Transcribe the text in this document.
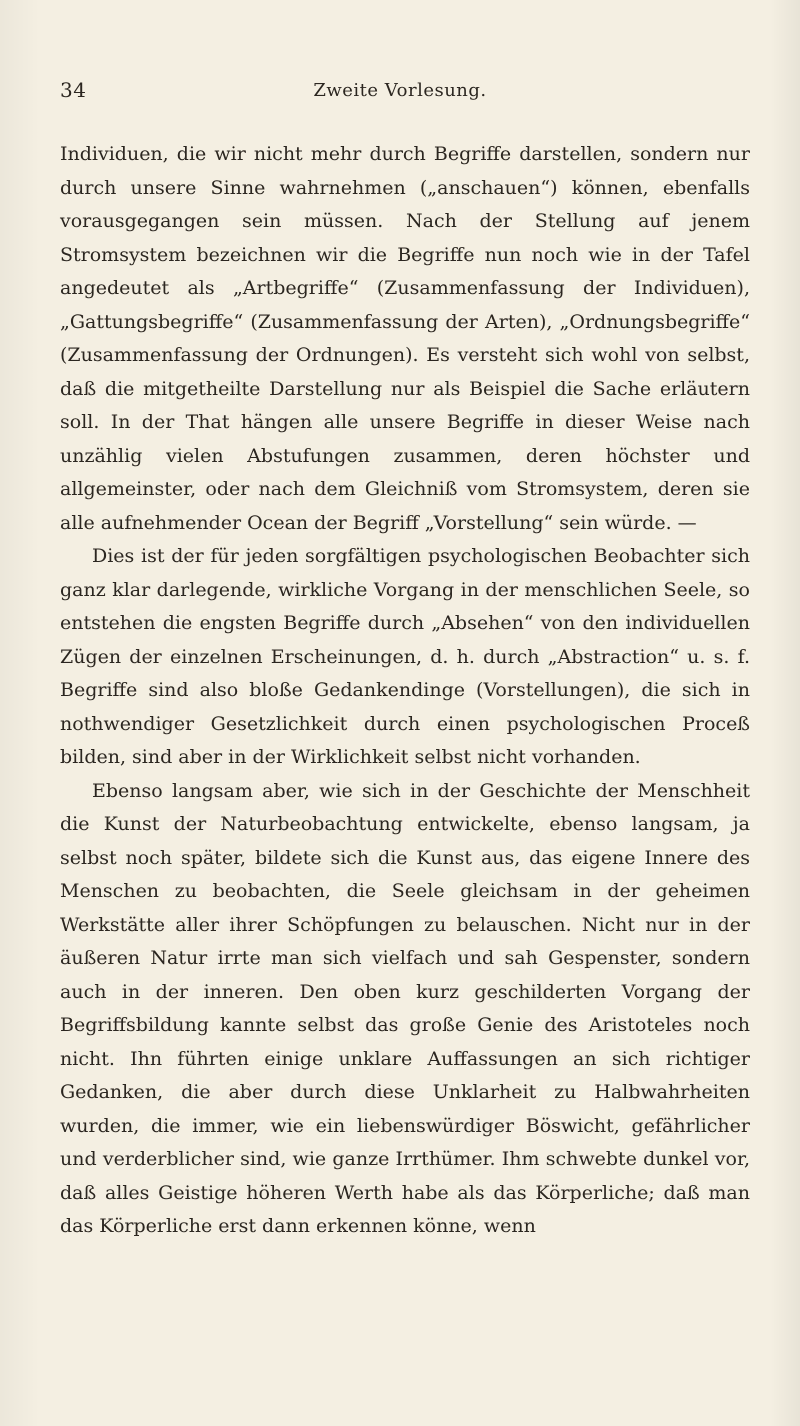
34	Zweite Vorlesung.

Individuen, die wir nicht mehr durch Begriffe darstellen, sondern nur durch unsere Sinne wahrnehmen („anschauen“) können, ebenfalls vorausgegangen sein müssen. Nach der Stellung auf jenem Stromsystem bezeichnen wir die Begriffe nun noch wie in der Tafel angedeutet als „Artbegriffe“ (Zusammenfassung der Individuen), „Gattungsbegriffe“ (Zusammenfassung der Arten), „Ordnungsbegriffe“ (Zusammenfassung der Ordnungen). Es versteht sich wohl von selbst, daß die mitgetheilte Darstellung nur als Beispiel die Sache erläutern soll. In der That hängen alle unsere Begriffe in dieser Weise nach unzählig vielen Abstufungen zusammen, deren höchster und allgemeinster, oder nach dem Gleichniß vom Stromsystem, deren sie alle aufnehmender Ocean der Begriff „Vorstellung“ sein würde. —

Dies ist der für jeden sorgfältigen psychologischen Beobachter sich ganz klar darlegende, wirkliche Vorgang in der menschlichen Seele, so entstehen die engsten Begriffe durch „Absehen“ von den individuellen Zügen der einzelnen Erscheinungen, d. h. durch „Abstraction“ u. s. f. Begriffe sind also bloße Gedankendinge (Vorstellungen), die sich in nothwendiger Gesetzlichkeit durch einen psychologischen Proceß bilden, sind aber in der Wirklichkeit selbst nicht vorhanden.

Ebenso langsam aber, wie sich in der Geschichte der Menschheit die Kunst der Naturbeobachtung entwickelte, ebenso langsam, ja selbst noch später, bildete sich die Kunst aus, das eigene Innere des Menschen zu beobachten, die Seele gleichsam in der geheimen Werkstätte aller ihrer Schöpfungen zu belauschen. Nicht nur in der äußeren Natur irrte man sich vielfach und sah Gespenster, sondern auch in der inneren. Den oben kurz geschilderten Vorgang der Begriffsbildung kannte selbst das große Genie des Aristoteles noch nicht. Ihn führten einige unklare Auffassungen an sich richtiger Gedanken, die aber durch diese Unklarheit zu Halbwahrheiten wurden, die immer, wie ein liebenswürdiger Böswicht, gefährlicher und verderblicher sind, wie ganze Irrthümer. Ihm schwebte dunkel vor, daß alles Geistige höheren Werth habe als das Körperliche; daß man das Körperliche erst dann erkennen könne, wenn
